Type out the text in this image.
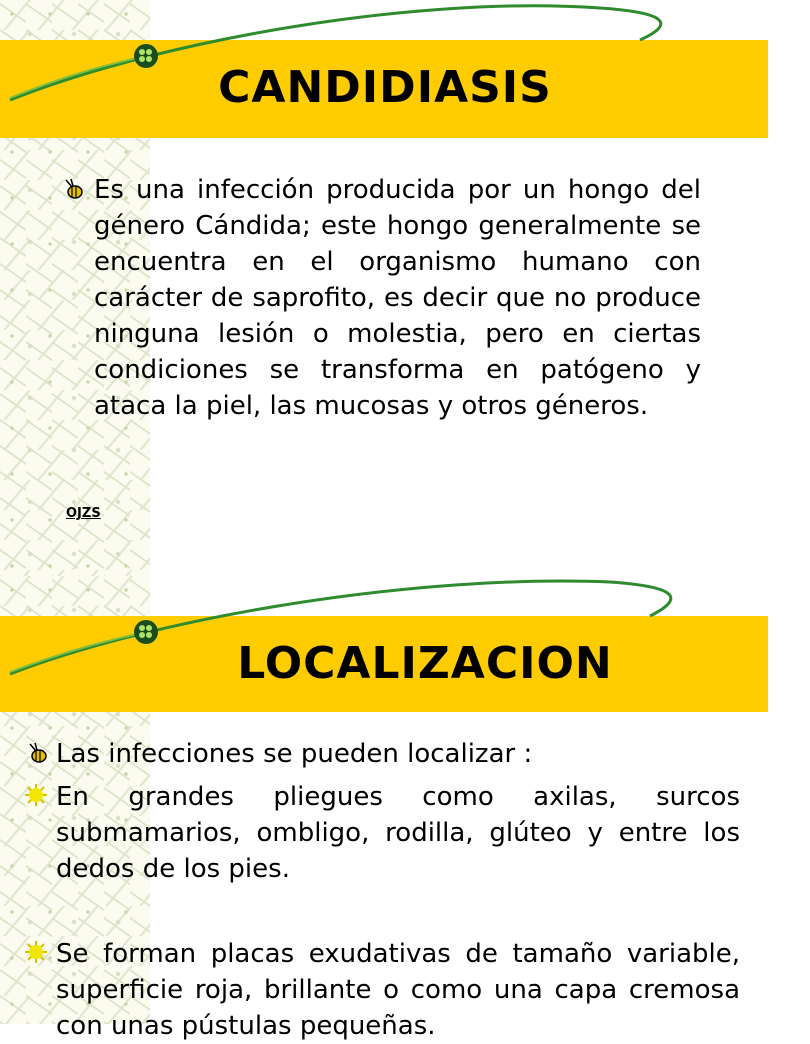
CANDIDIASIS
Es una infección producida por un hongo del género Cándida; este hongo generalmente se encuentra en el organismo humano con carácter de saprofito, es decir que no produce ninguna lesión o molestia, pero en ciertas condiciones se transforma en patógeno y ataca la piel, las mucosas y otros géneros.
OJZS
LOCALIZACION
Las infecciones se pueden localizar :
En grandes pliegues como axilas, surcos submamarios, ombligo, rodilla, glúteo y entre los dedos de los pies.
Se forman placas exudativas de tamaño variable, superficie roja, brillante o como una capa cremosa con unas pústulas pequeñas.
